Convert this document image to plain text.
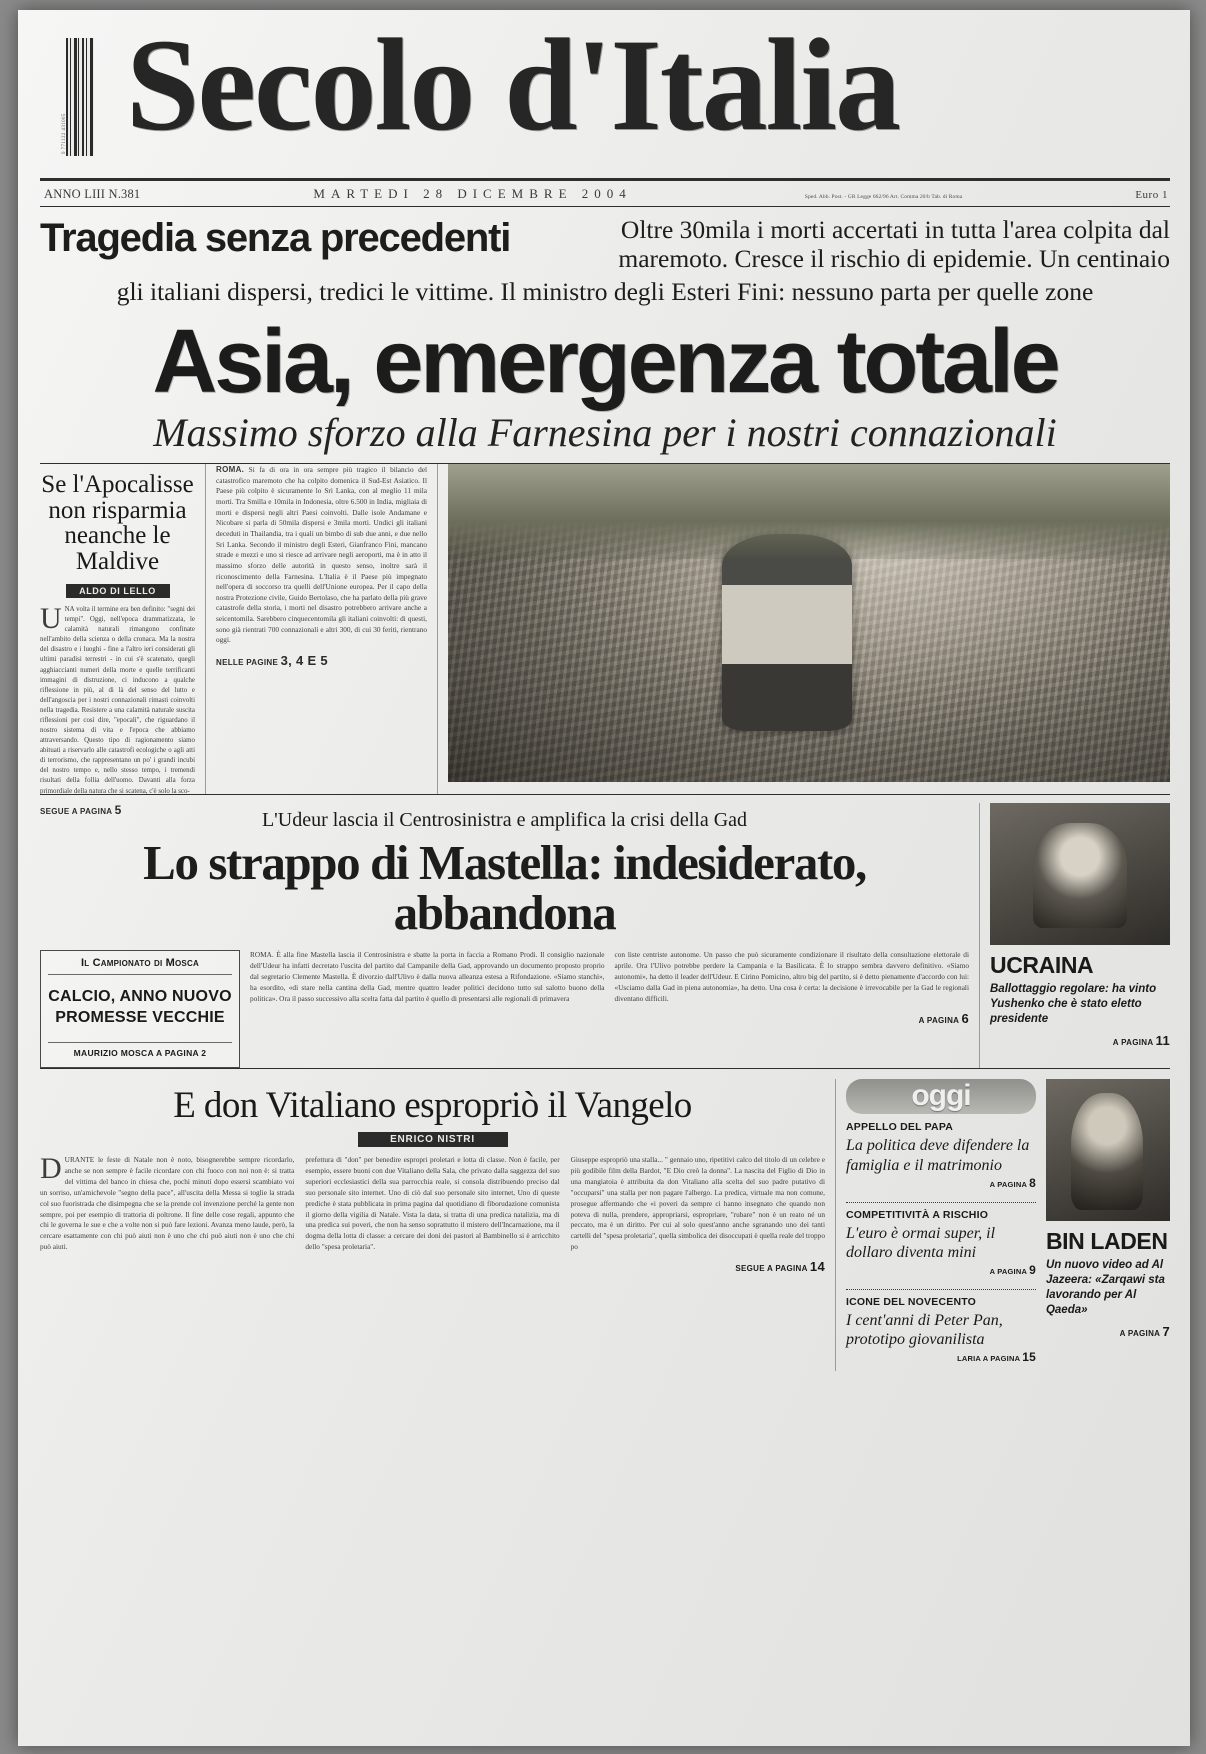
9 771122 431005 Secolo d'Italia
ANNO LIII N.381	MARTEDI 28 DICEMBRE 2004	Sped. Abb. Post. - GR Legge 662/96 Art. Comma 20/b Tab. di Roma	Euro 1
Tragedia senza precedenti	Oltre 30mila i morti accertati in tutta l'area colpita dal maremoto. Cresce il rischio di epidemie. Un centinaio
gli italiani dispersi, tredici le vittime. Il ministro degli Esteri Fini: nessuno parta per quelle zone
Asia, emergenza totale
Massimo sforzo alla Farnesina per i nostri connazionali
Se l'Apocalisse non risparmia neanche le Maldive
ALDO DI LELLO
UNA volta il termine era ben definito: "segni dei tempi". Oggi, nell'epoca drammatizzata, le calamità naturali rimangono confinate nell'ambito della scienza o della cronaca. Ma la nostra del disastro e i luoghi - fine a l'altro ieri considerati gli ultimi paradisi terrestri - in cui s'è scatenato, quegli agghiaccianti numeri della morte e quelle terrificanti immagini di distruzione, ci inducono a qualche riflessione in più, al di là del senso del lutto e dell'angoscia per i nostri connazionali rimasti coinvolti nella tragedia. Resistere a una calamità naturale suscita riflessioni per così dire, "epocali", che riguardano il nostro sistema di vita e l'epoca che abbiamo attraversando. Questo tipo di ragionamento siamo abituati a riservarlo alle catastrofi ecologiche o agli atti di terrorismo, che rappresentano un po' i grandi incubi del nostro tempo e, nello stesso tempo, i tremendi risultati della follia dell'uomo. Davanti alla forza primordiale della natura che si scatena, c'è solo la sco-
SEGUE A PAGINA 5
ROMA. Si fa di ora in ora sempre più tragico il bilancio del catastrofico maremoto che ha colpito domenica il Sud-Est Asiatico. Il Paese più colpito è sicuramente lo Sri Lanka, con al meglio 11 mila morti. Tra Smilla e 10mila in Indonesia, oltre 6.500 in India, migliaia di morti e dispersi negli altri Paesi coinvolti. Dalle isole Andamane e Nicobare si parla di 50mila dispersi e 3mila morti. Undici gli italiani deceduti in Thailandia, tra i quali un bimbo di sub due anni, e due nello Sri Lanka. Secondo il ministro degli Esteri, Gianfranco Fini, mancano strade e mezzi e uno si riesce ad arrivare negli aeroporti, ma è in atto il massimo sforzo delle autorità in questo senso, inoltre sarà il riconoscimento della Farnesina. L'Italia è il Paese più impegnato nell'opera di soccorso tra quelli dell'Unione europea. Per il capo della nostra Protezione civile, Guido Bertolaso, che ha parlato della più grave catastrofe della storia, i morti nel disastro potrebbero arrivare anche a seicentomila. Sarebbero cinquecentomila gli italiani coinvolti: di questi, sono già rientrati 700 connazionali e altri 300, di cui 30 feriti, rientrano oggi.
NELLE PAGINE 3, 4 E 5
L'Udeur lascia il Centrosinistra e amplifica la crisi della Gad
Lo strappo di Mastella: indesiderato, abbandona
Il Campionato di Mosca
CALCIO, ANNO NUOVO PROMESSE VECCHIE
MAURIZIO MOSCA A PAGINA 2
ROMA. È alla fine Mastella lascia il Centrosinistra e sbatte la porta in faccia a Romano Prodi. Il consiglio nazionale dell'Udeur ha infatti decretato l'uscita del partito dal Campanile della Gad, approvando un documento proposto proprio dal segretario Clemente Mastella. È divorzio dall'Ulivo è dalla nuova alleanza estesa a Rifondazione. «Siamo stanchi», ha esordito, «di stare nella cantina della Gad, mentre quattro leader politici decidono tutto sul salotto buono della politica». Ora il passo successivo alla scelta fatta dal partito è quello di presentarsi alle regionali di primavera
con liste centriste autonome. Un passo che può sicuramente condizionare il risultato della consultazione elettorale di aprile. Ora l'Ulivo potrebbe perdere la Campania e la Basilicata. È lo strappo sembra davvero definitivo. «Siamo autonomi», ha detto il leader dell'Udeur. E Cirino Pomicino, altro big del partito, si è detto pienamente d'accordo con lui: «Usciamo dalla Gad in piena autonomia», ha detto. Una cosa è certa: la decisione è irrevocabile per la Gad le regionali diventano difficili.
A PAGINA 6
UCRAINA
Ballottaggio regolare: ha vinto Yushenko che è stato eletto presidente
A PAGINA 11
E don Vitaliano espropriò il Vangelo
ENRICO NISTRI
DURANTE le feste di Natale non è noto, bisognerebbe sempre ricordarlo, anche se non sempre è facile ricordare con chi fuoco con noi non è: si tratta del vittima del banco in chiesa che, pochi minuti dopo essersi scambiato voi un sorriso, un'amichevole "segno della pace", all'uscita della Messa si toglie la strada col suo fuoristrada che disimpegna che se la prende col invenzione perché la gente non sempre, poi per esempio di trattoria di poltrone. Il fine delle cose regali, appunto che chi le governa le sue e che a volte non si può fare lezioni. Avanza meno laude, però, la cercare esattamente con chi può aiuti non è uno che chi può aiuti non è uno che chi può aiuti.
prefettura di "don" per benedire espropri proletari e lotta di classe. Non è facile, per esempio, essere buoni con due Vitaliano della Sala, che privato dalla saggezza del suo superiori ecclesiastici della sua parrocchia reale, si consola distribuendo preciso dal suo personale sito internet. Uno di ciò dal suo personale sito internet, Uno di queste prediche è stata pubblicata in prima pagina dal quotidiano di fiborudazione comunista il giorno della vigilia di Natale. Vista la data, si tratta di una predica natalizia, ma di una predica sui poveri, che non ha senso soprattutto il mistero dell'Incarnazione, ma il dogma della lotta di classe: a cercare dei doni dei pastori al Bambinello si è arricchito dello "spesa proletaria".
Giuseppe espropriò una stalla... " gennaio uno, ripetitivi calco del titolo di un celebre e più godibile film della Bardot, "E Dio creò la donna". La nascita del Figlio di Dio in una mangiatoia è attribuita da don Vitaliano alla scelta del suo padre putativo di "occuparsi" una stalla per non pagare l'albergo. La predica, virtuale ma non comune, prosegue affermando che «i poveri da sempre ci hanno insegnato che quando non poteva di nulla, prendere, appropriarsi, espropriare, "rubare" non è un reato né un peccato, ma è un diritto. Per cui al solo quest'anno anche sgranando uno dei tanti cartelli del "spesa proletaria", quella simbolica dei disoccupati è quella reale del troppo po
SEGUE A PAGINA 14
oggi
APPELLO DEL PAPA
La politica deve difendere la famiglia e il matrimonio
A PAGINA 8
COMPETITIVITÀ A RISCHIO
L'euro è ormai super, il dollaro diventa mini
A PAGINA 9
ICONE DEL NOVECENTO
I cent'anni di Peter Pan, prototipo giovanilista
LARIA A PAGINA 15
BIN LADEN
Un nuovo video ad Al Jazeera: «Zarqawi sta lavorando per Al Qaeda»
A PAGINA 7
